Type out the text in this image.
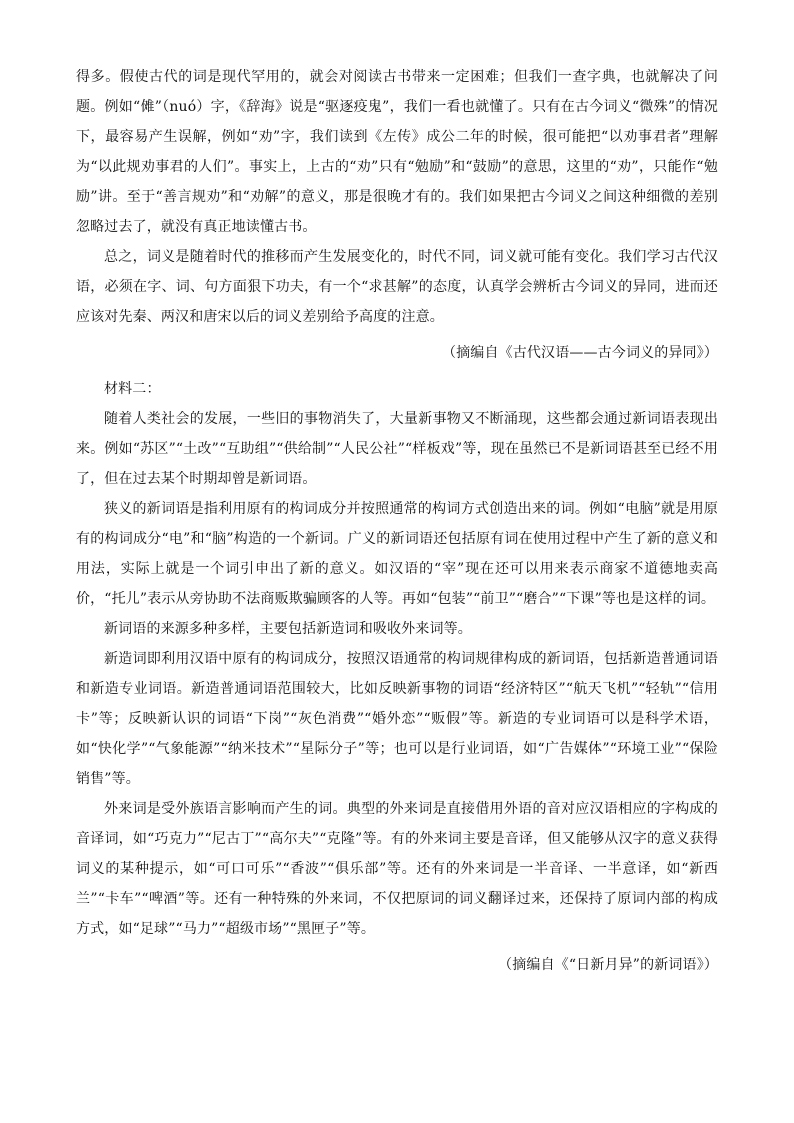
得多。假使古代的词是现代罕用的，就会对阅读古书带来一定困难；但我们一查字典，也就解决了问题。例如“傩”（nuó）字，《辞海》说是“驱逐疫鬼”，我们一看也就懂了。只有在古今词义“微殊”的情况下，最容易产生误解，例如“劝”字，我们读到《左传》成公二年的时候，很可能把“以劝事君者”理解为“以此规劝事君的人们”。事实上，上古的“劝”只有“勉励”和“鼓励”的意思，这里的“劝”，只能作“勉励”讲。至于“善言规劝”和“劝解”的意义，那是很晚才有的。我们如果把古今词义之间这种细微的差别忽略过去了，就没有真正地读懂古书。

总之，词义是随着时代的推移而产生发展变化的，时代不同，词义就可能有变化。我们学习古代汉语，必须在字、词、句方面狠下功夫，有一个“求甚解”的态度，认真学会辨析古今词义的异同，进而还应该对先秦、两汉和唐宋以后的词义差别给予高度的注意。

（摘编自《古代汉语——古今词义的异同》）

材料二：

随着人类社会的发展，一些旧的事物消失了，大量新事物又不断涌现，这些都会通过新词语表现出来。例如“苏区”“土改”“互助组”“供给制”“人民公社”“样板戏”等，现在虽然已不是新词语甚至已经不用了，但在过去某个时期却曾是新词语。

狭义的新词语是指利用原有的构词成分并按照通常的构词方式创造出来的词。例如“电脑”就是用原有的构词成分“电”和“脑”构造的一个新词。广义的新词语还包括原有词在使用过程中产生了新的意义和用法，实际上就是一个词引申出了新的意义。如汉语的“宰”现在还可以用来表示商家不道德地卖高价，“托儿”表示从旁协助不法商贩欺骗顾客的人等。再如“包装”“前卫”“磨合”“下课”等也是这样的词。

新词语的来源多种多样，主要包括新造词和吸收外来词等。

新造词即利用汉语中原有的构词成分，按照汉语通常的构词规律构成的新词语，包括新造普通词语和新造专业词语。新造普通词语范围较大，比如反映新事物的词语“经济特区”“航天飞机”“轻轨”“信用卡”等；反映新认识的词语“下岗”“灰色消费”“婚外恋”“贩假”等。新造的专业词语可以是科学术语，如“快化学”“气象能源”“纳米技术”“星际分子”等；也可以是行业词语，如“广告媒体”“环境工业”“保险销售”等。

外来词是受外族语言影响而产生的词。典型的外来词是直接借用外语的音对应汉语相应的字构成的音译词，如“巧克力”“尼古丁”“高尔夫”“克隆”等。有的外来词主要是音译，但又能够从汉字的意义获得词义的某种提示，如“可口可乐”“香波”“俱乐部”等。还有的外来词是一半音译、一半意译，如“新西兰”“卡车”“啤酒”等。还有一种特殊的外来词，不仅把原词的词义翻译过来，还保持了原词内部的构成方式，如“足球”“马力”“超级市场”“黑匣子”等。

（摘编自《“日新月异”的新词语》）
